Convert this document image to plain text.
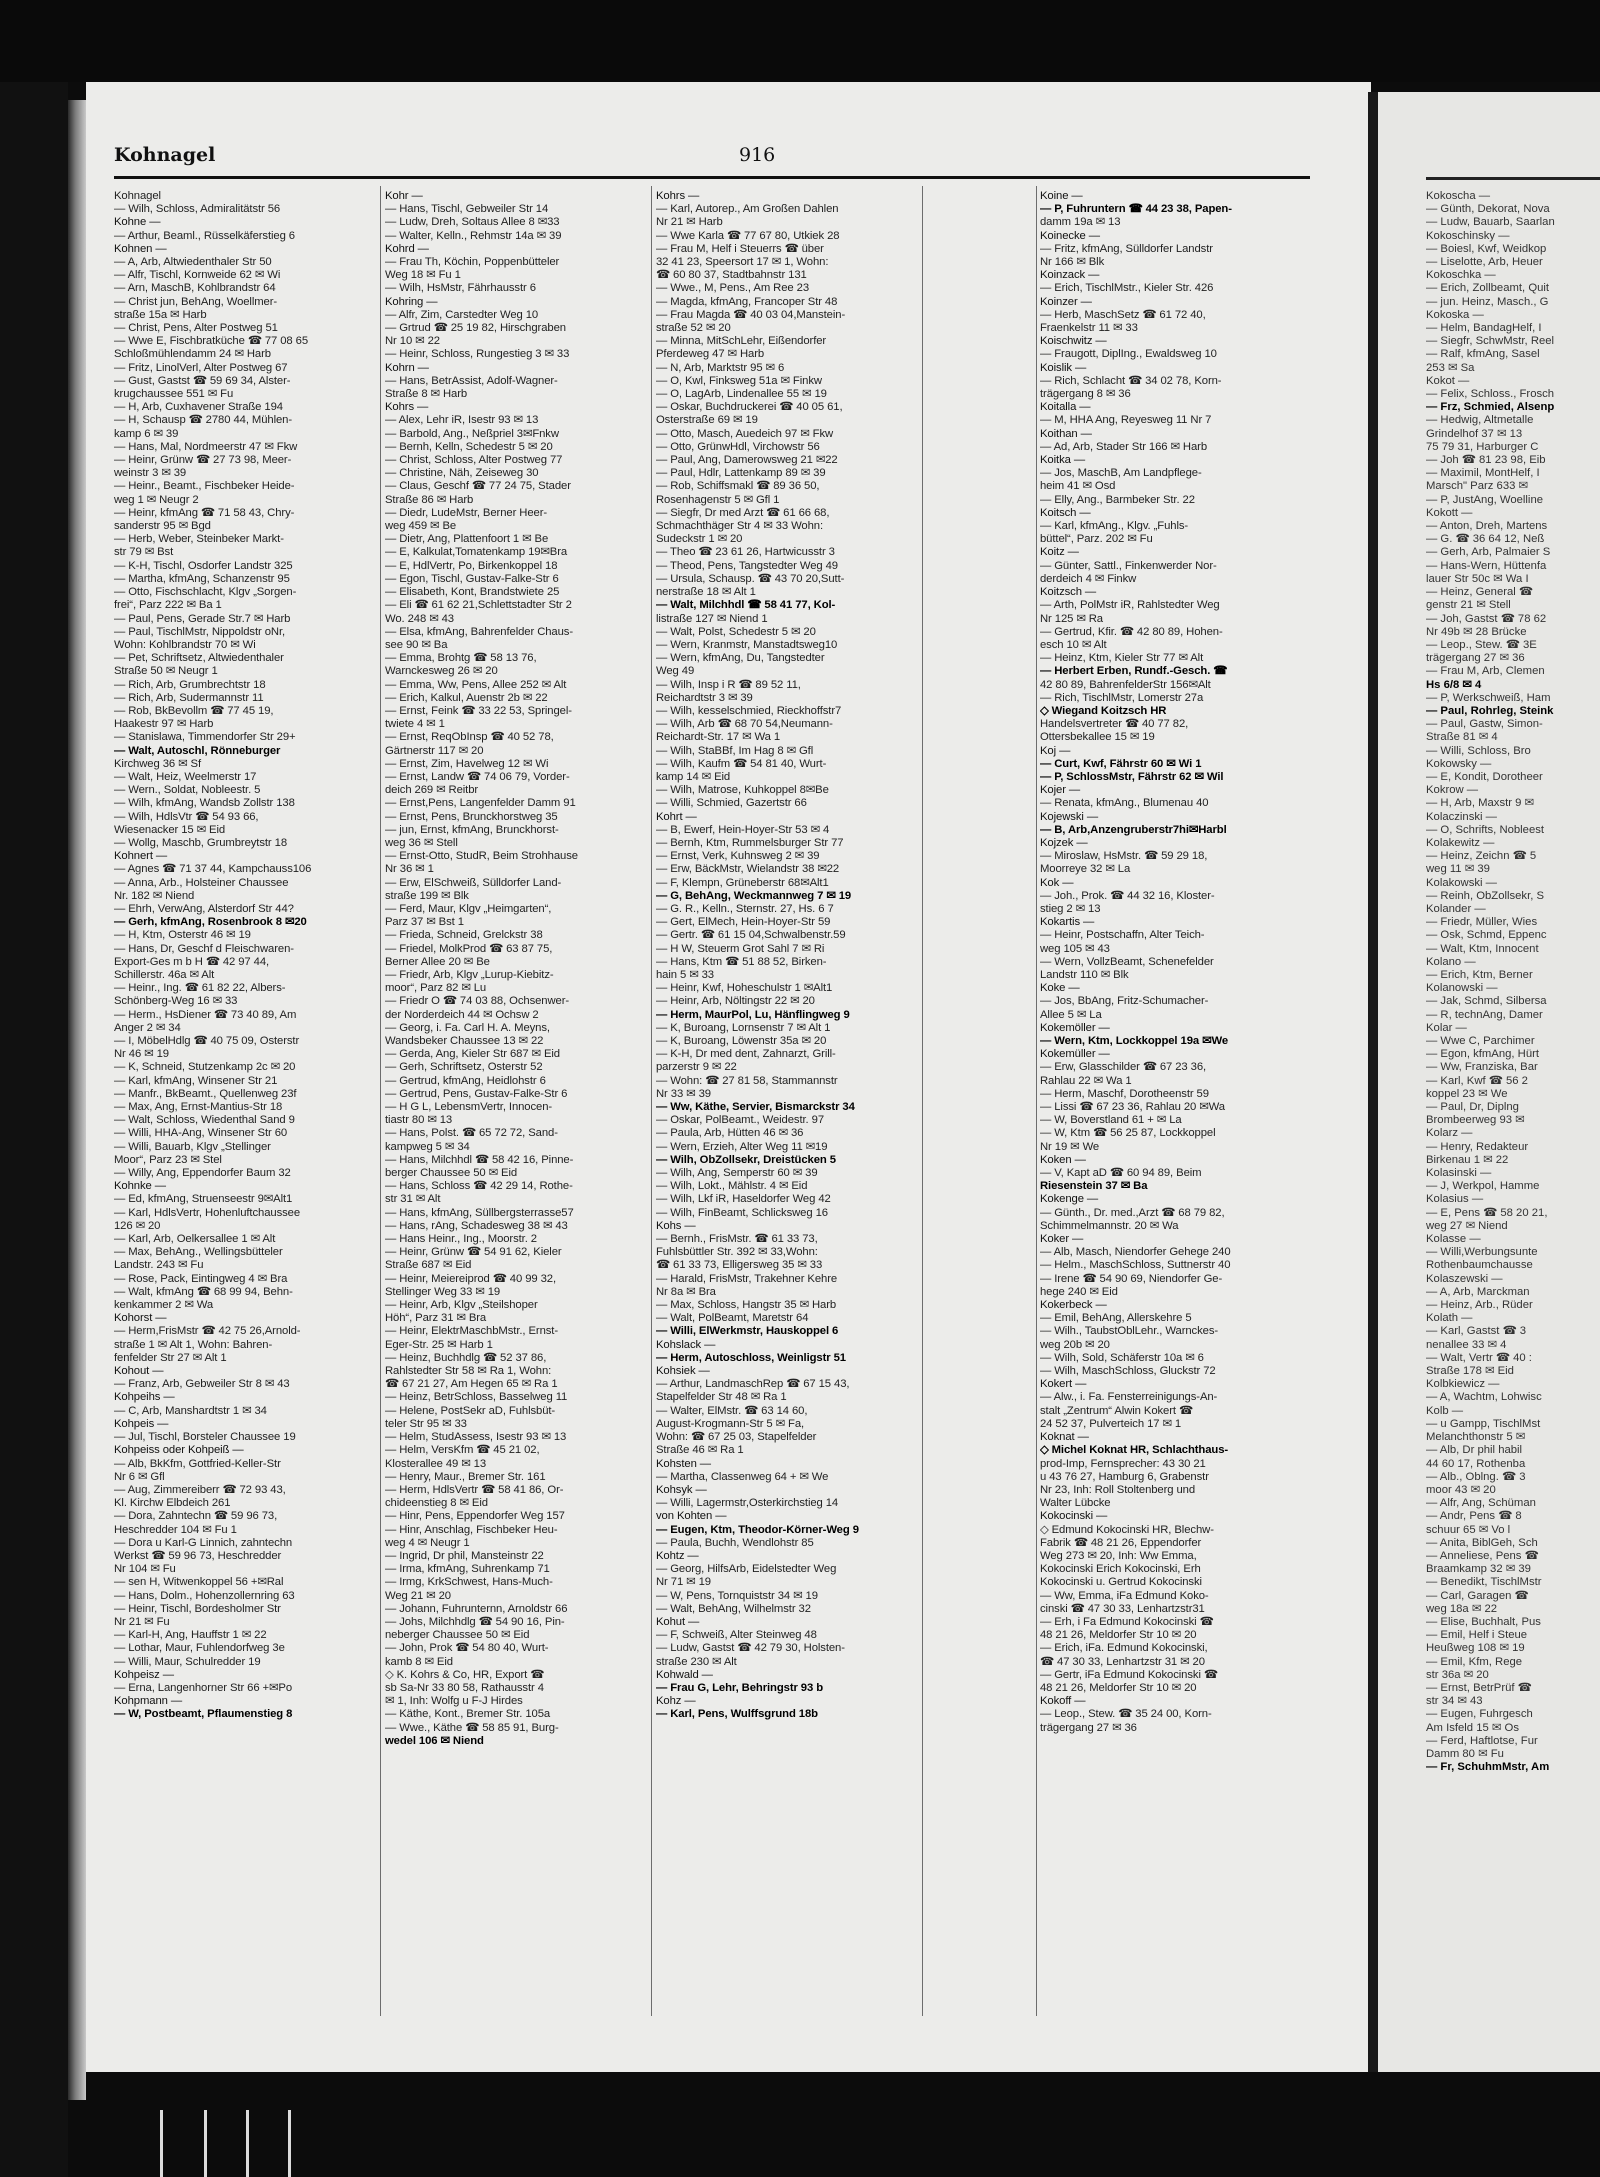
Kohnagel	916
Kohnagel
— Wilh, Schloss, Admiralitätstr 56
Kohne —
— Arthur, Beaml., Rüsselkäferstieg 6
Kohnen —
— A, Arb, Altwiedenthaler Str 50
— Alfr, Tischl, Kornweide 62 ✉ Wi
— Arn, MaschB, Kohlbrandstr 64
— Christ jun, BehAng, Woellmer-
straße 15a ✉ Harb
— Christ, Pens, Alter Postweg 51
— Wwe E, Fischbratküche ☎ 77 08 65
Schloßmühlendamm 24 ✉ Harb
— Fritz, LinolVerl, Alter Postweg 67
— Gust, Gastst ☎ 59 69 34, Alster-
krugchaussee 551 ✉ Fu
— H, Arb, Cuxhavener Straße 194
— H, Schausp ☎ 2780 44, Mühlen-
kamp 6 ✉ 39
— Hans, Mal, Nordmeerstr 47 ✉ Fkw
— Heinr, Grünw ☎ 27 73 98, Meer-
weinstr 3 ✉ 39
— Heinr., Beamt., Fischbeker Heide-
weg 1 ✉ Neugr 2
— Heinr, kfmAng ☎ 71 58 43, Chry-
sanderstr 95 ✉ Bgd
— Herb, Weber, Steinbeker Markt-
str 79 ✉ Bst
— K-H, Tischl, Osdorfer Landstr 325
— Martha, kfmAng, Schanzenstr 95
— Otto, Fischschlacht, Klgv „Sorgen-
frei“, Parz 222 ✉ Ba 1
— Paul, Pens, Gerade Str.7 ✉ Harb
— Paul, TischlMstr, Nippoldstr oNr,
Wohn: Kohlbrandstr 70 ✉ Wi
— Pet, Schriftsetz, Altwiedenthaler
Straße 50 ✉ Neugr 1
— Rich, Arb, Grumbrechtstr 18
— Rich, Arb, Sudermannstr 11
— Rob, BkBevollm ☎ 77 45 19,
Haakestr 97 ✉ Harb
— Stanislawa, Timmendorfer Str 29+
— Walt, Autoschl, Rönneburger
Kirchweg 36 ✉ Sf
— Walt, Heiz, Weelmerstr 17
— Wern., Soldat, Nobleestr. 5
— Wilh, kfmAng, Wandsb Zollstr 138
— Wilh, HdlsVtr ☎ 54 93 66,
Wiesenacker 15 ✉ Eid
— Wollg, Maschb, Grumbreytstr 18
Kohnert —
— Agnes ☎ 71 37 44, Kampchauss106
— Anna, Arb., Holsteiner Chaussee
Nr. 182 ✉ Niend
— Ehrh, VerwAng, Alsterdorf Str 44?
— Gerh, kfmAng, Rosenbrook 8 ✉20
— H, Ktm, Osterstr 46 ✉ 19
— Hans, Dr, Geschf d Fleischwaren-
Export-Ges m b H ☎ 42 97 44,
Schillerstr. 46a ✉ Alt
— Heinr., Ing. ☎ 61 82 22, Albers-
Schönberg-Weg 16 ✉ 33
— Herm., HsDiener ☎ 73 40 89, Am
Anger 2 ✉ 34
— I, MöbelHdlg ☎ 40 75 09, Osterstr
Nr 46 ✉ 19
— K, Schneid, Stutzenkamp 2c ✉ 20
— Karl, kfmAng, Winsener Str 21
— Manfr., BkBeamt., Quellenweg 23f
— Max, Ang, Ernst-Mantius-Str 18
— Walt, Schloss, Wiedenthal Sand 9
— Willi, HHA-Ang, Winsener Str 60
— Willi, Bauarb, Klgv „Stellinger
Moor“, Parz 23 ✉ Stel
— Willy, Ang, Eppendorfer Baum 32
Kohnke —
— Ed, kfmAng, Struenseestr 9✉Alt1
— Karl, HdlsVertr, Hohenluftchaussee
126 ✉ 20
— Karl, Arb, Oelkersallee 1 ✉ Alt
— Max, BehAng., Wellingsbütteler
Landstr. 243 ✉ Fu
— Rose, Pack, Eintingweg 4 ✉ Bra
— Walt, kfmAng ☎ 68 99 94, Behn-
kenkammer 2 ✉ Wa
Kohorst —
— Herm,FrisMstr ☎ 42 75 26,Arnold-
straße 1 ✉ Alt 1, Wohn: Bahren-
fenfelder Str 27 ✉ Alt 1
Kohout —
— Franz, Arb, Gebweiler Str 8 ✉ 43
Kohpeihs —
— C, Arb, Manshardtstr 1 ✉ 34
Kohpeis —
— Jul, Tischl, Borsteler Chaussee 19
Kohpeiss oder Kohpeiß —
— Alb, BkKfm, Gottfried-Keller-Str
Nr 6 ✉ Gfl
— Aug, Zimmereiberr ☎ 72 93 43,
Kl. Kirchw Elbdeich 261
— Dora, Zahntechn ☎ 59 96 73,
Heschredder 104 ✉ Fu 1
— Dora u Karl-G Linnich, zahntechn
Werkst ☎ 59 96 73, Heschredder
Nr 104 ✉ Fu
— sen H, Witwenkoppel 56 +✉Ral
— Hans, Dolm., Hohenzollernring 63
— Heinr, Tischl, Bordesholmer Str
Nr 21 ✉ Fu
— Karl-H, Ang, Hauffstr 1 ✉ 22
— Lothar, Maur, Fuhlendorfweg 3e
— Willi, Maur, Schulredder 19
Kohpeisz —
— Erna, Langenhorner Str 66 +✉Po
Kohpmann —
— W, Postbeamt, Pflaumenstieg 8
Kohr —
— Hans, Tischl, Gebweiler Str 14
— Ludw, Dreh, Soltaus Allee 8 ✉33
— Walter, Kelln., Rehmstr 14a ✉ 39
Kohrd —
— Frau Th, Köchin, Poppenbütteler
Weg 18 ✉ Fu 1
— Wilh, HsMstr, Fährhausstr 6
Kohring —
— Alfr, Zim, Carstedter Weg 10
— Grtrud ☎ 25 19 82, Hirschgraben
Nr 10 ✉ 22
— Heinr, Schloss, Rungestieg 3 ✉ 33
Kohrn —
— Hans, BetrAssist, Adolf-Wagner-
Straße 8 ✉ Harb
Kohrs —
— Alex, Lehr iR, Isestr 93 ✉ 13
— Barbold, Ang., Neßpriel 3✉Fnkw
— Bernh, Kelln, Schedestr 5 ✉ 20
— Christ, Schloss, Alter Postweg 77
— Christine, Näh, Zeiseweg 30
— Claus, Geschf ☎ 77 24 75, Stader
Straße 86 ✉ Harb
— Diedr, LudeMstr, Berner Heer-
weg 459 ✉ Be
— Dietr, Ang, Plattenfoort 1 ✉ Be
— E, Kalkulat,Tomatenkamp 19✉Bra
— E, HdlVertr, Po, Birkenkoppel 18
— Egon, Tischl, Gustav-Falke-Str 6
— Elisabeth, Kont, Brandstwiete 25
— Eli ☎ 61 62 21,Schlettstadter Str 2
Wo. 248 ✉ 43
— Elsa, kfmAng, Bahrenfelder Chaus-
see 90 ✉ Ba
— Emma, Brohtg ☎ 58 13 76,
Warnckesweg 26 ✉ 20
— Emma, Ww, Pens, Allee 252 ✉ Alt
— Erich, Kalkul, Auenstr 2b ✉ 22
— Ernst, Feink ☎ 33 22 53, Springel-
twiete 4 ✉ 1
— Ernst, ReqObInsp ☎ 40 52 78,
Gärtnerstr 117 ✉ 20
— Ernst, Zim, Havelweg 12 ✉ Wi
— Ernst, Landw ☎ 74 06 79, Vorder-
deich 269 ✉ Reitbr
— Ernst,Pens, Langenfelder Damm 91
— Ernst, Pens, Brunckhorstweg 35
— jun, Ernst, kfmAng, Brunckhorst-
weg 36 ✉ Stell
— Ernst-Otto, StudR, Beim Strohhause
Nr 36 ✉ 1
— Erw, ElSchweiß, Sülldorfer Land-
straße 199 ✉ Blk
— Ferd, Maur, Klgv „Heimgarten“,
Parz 37 ✉ Bst 1
— Frieda, Schneid, Grelckstr 38
— Friedel, MolkProd ☎ 63 87 75,
Berner Allee 20 ✉ Be
— Friedr, Arb, Klgv „Lurup-Kiebitz-
moor“, Parz 82 ✉ Lu
— Friedr O ☎ 74 03 88, Ochsenwer-
der Norderdeich 44 ✉ Ochsw 2
— Georg, i. Fa. Carl H. A. Meyns,
Wandsbeker Chaussee 13 ✉ 22
— Gerda, Ang, Kieler Str 687 ✉ Eid
— Gerh, Schriftsetz, Osterstr 52
— Gertrud, kfmAng, Heidlohstr 6
— Gertrud, Pens, Gustav-Falke-Str 6
— H G L, LebensmVertr, Innocen-
tiastr 80 ✉ 13
— Hans, Polst. ☎ 65 72 72, Sand-
kampweg 5 ✉ 34
— Hans, Milchhdl ☎ 58 42 16, Pinne-
berger Chaussee 50 ✉ Eid
— Hans, Schloss ☎ 42 29 14, Rothe-
str 31 ✉ Alt
— Hans, kfmAng, Süllbergsterrasse57
— Hans, rAng, Schadesweg 38 ✉ 43
— Hans Heinr., Ing., Moorstr. 2
— Heinr, Grünw ☎ 54 91 62, Kieler
Straße 687 ✉ Eid
— Heinr, Meiereiprod ☎ 40 99 32,
Stellinger Weg 33 ✉ 19
— Heinr, Arb, Klgv „Steilshoper
Höh“, Parz 31 ✉ Bra
— Heinr, ElektrMaschbMstr., Ernst-
Eger-Str. 25 ✉ Harb 1
— Heinz, Buchhdlg ☎ 52 37 86,
Rahlstedter Str 58 ✉ Ra 1, Wohn:
☎ 67 21 27, Am Hegen 65 ✉ Ra 1
— Heinz, BetrSchloss, Basselweg 11
— Helene, PostSekr aD, Fuhlsbüt-
teler Str 95 ✉ 33
— Helm, StudAssess, Isestr 93 ✉ 13
— Helm, VersKfm ☎ 45 21 02,
Klosterallee 49 ✉ 13
— Henry, Maur., Bremer Str. 161
— Herm, HdlsVertr ☎ 58 41 86, Or-
chideenstieg 8 ✉ Eid
— Hinr, Pens, Eppendorfer Weg 157
— Hinr, Anschlag, Fischbeker Heu-
weg 4 ✉ Neugr 1
— Ingrid, Dr phil, Mansteinstr 22
— Irma, kfmAng, Suhrenkamp 71
— Irmg, KrkSchwest, Hans-Much-
Weg 21 ✉ 20
— Johann, Fuhrunternn, Arnoldstr 66
— Johs, Milchhdlg ☎ 54 90 16, Pin-
neberger Chaussee 50 ✉ Eid
— John, Prok ☎ 54 80 40, Wurt-
kamb 8 ✉ Eid
◇ K. Kohrs & Co, HR, Export ☎
sb Sa-Nr 33 80 58, Rathausstr 4
✉ 1, Inh: Wolfg u F-J Hirdes
— Käthe, Kont., Bremer Str. 105a
— Wwe., Käthe ☎ 58 85 91, Burg-
wedel 106 ✉ Niend
Kohrs —
— Karl, Autorep., Am Großen Dahlen
Nr 21 ✉ Harb
— Wwe Karla ☎ 77 67 80, Utkiek 28
— Frau M, Helf i Steuerrs ☎ über
32 41 23, Speersort 17 ✉ 1, Wohn:
☎ 60 80 37, Stadtbahnstr 131
— Wwe., M, Pens., Am Ree 23
— Magda, kfmAng, Francoper Str 48
— Frau Magda ☎ 40 03 04,Manstein-
straße 52 ✉ 20
— Minna, MitSchLehr, Eißendorfer
Pferdeweg 47 ✉ Harb
— N, Arb, Marktstr 95 ✉ 6
— O, Kwl, Finksweg 51a ✉ Finkw
— O, LagArb, Lindenallee 55 ✉ 19
— Oskar, Buchdruckerei ☎ 40 05 61,
Osterstraße 69 ✉ 19
— Otto, Masch, Auedeich 97 ✉ Fkw
— Otto, GrünwHdl, Virchowstr 56
— Paul, Ang, Damerowsweg 21 ✉22
— Paul, Hdlr, Lattenkamp 89 ✉ 39
— Rob, Schiffsmakl ☎ 89 36 50,
Rosenhagenstr 5 ✉ Gfl 1
— Siegfr, Dr med Arzt ☎ 61 66 68,
Schmachthäger Str 4 ✉ 33 Wohn:
Sudeckstr 1 ✉ 20
— Theo ☎ 23 61 26, Hartwicusstr 3
— Theod, Pens, Tangstedter Weg 49
— Ursula, Schausp. ☎ 43 70 20,Sutt-
nerstraße 18 ✉ Alt 1
— Walt, Milchhdl ☎ 58 41 77, Kol-
listraße 127 ✉ Niend 1
— Walt, Polst, Schedestr 5 ✉ 20
— Wern, Kranmstr, Manstadtsweg10
— Wern, kfmAng, Du, Tangstedter
Weg 49
— Wilh, Insp i R ☎ 89 52 11,
Reichardtstr 3 ✉ 39
— Wilh, kesselschmied, Rieckhoffstr7
— Wilh, Arb ☎ 68 70 54,Neumann-
Reichardt-Str. 17 ✉ Wa 1
— Wilh, StaBBf, Im Hag 8 ✉ Gfl
— Wilh, Kaufm ☎ 54 81 40, Wurt-
kamp 14 ✉ Eid
— Wilh, Matrose, Kuhkoppel 8✉Be
— Willi, Schmied, Gazertstr 66
Kohrt —
— B, Ewerf, Hein-Hoyer-Str 53 ✉ 4
— Bernh, Ktm, Rummelsburger Str 77
— Ernst, Verk, Kuhnsweg 2 ✉ 39
— Erw, BäckMstr, Wielandstr 38 ✉22
— F, Klempn, Grüneberstr 68✉Alt1
— G, BehAng, Weckmannweg 7 ✉ 19
— G. R., Kelln., Sternstr. 27, Hs. 6 7
— Gert, ElMech, Hein-Hoyer-Str 59
— Gertr. ☎ 61 15 04,Schwalbenstr.59
— H W, Steuerm Grot Sahl 7 ✉ Ri
— Hans, Ktm ☎ 51 88 52, Birken-
hain 5 ✉ 33
— Heinr, Kwf, Hoheschulstr 1 ✉Alt1
— Heinr, Arb, Nöltingstr 22 ✉ 20
— Herm, MaurPol, Lu, Hänflingweg 9
— K, Buroang, Lornsenstr 7 ✉ Alt 1
— K, Buroang, Löwenstr 35a ✉ 20
— K-H, Dr med dent, Zahnarzt, Grill-
parzerstr 9 ✉ 22
— Wohn: ☎ 27 81 58, Stammannstr
Nr 33 ✉ 39
— Ww, Käthe, Servier, Bismarckstr 34
— Oskar, PolBeamt., Weidestr. 97
— Paula, Arb, Hütten 46 ✉ 36
— Wern, Erzieh, Alter Weg 11 ✉19
— Wilh, ObZollsekr, Dreistücken 5
— Wilh, Ang, Semperstr 60 ✉ 39
— Wilh, Lokt., Mählstr. 4 ✉ Eid
— Wilh, Lkf iR, Haseldorfer Weg 42
— Wilh, FinBeamt, Schlicksweg 16
Kohs —
— Bernh., FrisMstr. ☎ 61 33 73,
Fuhlsbüttler Str. 392 ✉ 33,Wohn:
☎ 61 33 73, Elligersweg 35 ✉ 33
— Harald, FrisMstr, Trakehner Kehre
Nr 8a ✉ Bra
— Max, Schloss, Hangstr 35 ✉ Harb
— Walt, PolBeamt, Maretstr 64
— Willi, ElWerkmstr, Hauskoppel 6
Kohslack —
— Herm, Autoschloss, Weinligstr 51
Kohsiek —
— Arthur, LandmaschRep ☎ 67 15 43,
Stapelfelder Str 48 ✉ Ra 1
— Walter, ElMstr. ☎ 63 14 60,
August-Krogmann-Str 5 ✉ Fa,
Wohn: ☎ 67 25 03, Stapelfelder
Straße 46 ✉ Ra 1
Kohsten —
— Martha, Classenweg 64 + ✉ We
Kohsyk —
— Willi, Lagermstr,Osterkirchstieg 14
von Kohten —
— Eugen, Ktm, Theodor-Körner-Weg 9
— Paula, Buchh, Wendlohstr 85
Kohtz —
— Georg, HilfsArb, Eidelstedter Weg
Nr 71 ✉ 19
— W, Pens, Tornquiststr 34 ✉ 19
— Walt, BehAng, Wilhelmstr 32
Kohut —
— F, Schweiß, Alter Steinweg 48
— Ludw, Gastst ☎ 42 79 30, Holsten-
straße 230 ✉ Alt
Kohwald —
— Frau G, Lehr, Behringstr 93 b
Kohz —
— Karl, Pens, Wulffsgrund 18b
Koine —
— P, Fuhruntern ☎ 44 23 38, Papen-
damm 19a ✉ 13
Koinecke —
— Fritz, kfmAng, Sülldorfer Landstr
Nr 166 ✉ Blk
Koinzack —
— Erich, TischlMstr., Kieler Str. 426
Koinzer —
— Herb, MaschSetz ☎ 61 72 40,
Fraenkelstr 11 ✉ 33
Koischwitz —
— Fraugott, DiplIng., Ewaldsweg 10
Koislik —
— Rich, Schlacht ☎ 34 02 78, Korn-
trägergang 8 ✉ 36
Koitalla —
— M, HHA Ang, Reyesweg 11 Nr 7
Koithan —
— Ad, Arb, Stader Str 166 ✉ Harb
Koitka —
— Jos, MaschB, Am Landpflege-
heim 41 ✉ Osd
— Elly, Ang., Barmbeker Str. 22
Koitsch —
— Karl, kfmAng., Klgv. „Fuhls-
büttel“, Parz. 202 ✉ Fu
Koitz —
— Günter, Sattl., Finkenwerder Nor-
derdeich 4 ✉ Finkw
Koitzsch —
— Arth, PolMstr iR, Rahlstedter Weg
Nr 125 ✉ Ra
— Gertrud, Kfir. ☎ 42 80 89, Hohen-
esch 10 ✉ Alt
— Heinz, Ktm, Kieler Str 77 ✉ Alt
— Herbert Erben, Rundf.-Gesch. ☎
42 80 89, BahrenfelderStr 156✉Alt
— Rich, TischlMstr, Lomerstr 27a
◇ Wiegand Koitzsch HR
Handelsvertreter ☎ 40 77 82,
Ottersbekallee 15 ✉ 19
Koj —
— Curt, Kwf, Fährstr 60 ✉ Wi 1
— P, SchlossMstr, Fährstr 62 ✉ Wil
Kojer —
— Renata, kfmAng., Blumenau 40
Kojewski —
— B, Arb,Anzengruberstr7hi✉Harbl
Kojzek —
— Miroslaw, HsMstr. ☎ 59 29 18,
Moorreye 32 ✉ La
Kok —
— Joh., Prok. ☎ 44 32 16, Kloster-
stieg 2 ✉ 13
Kokartis —
— Heinr, Postschaffn, Alter Teich-
weg 105 ✉ 43
— Wern, VollzBeamt, Schenefelder
Landstr 110 ✉ Blk
Koke —
— Jos, BbAng, Fritz-Schumacher-
Allee 5 ✉ La
Kokemöller —
— Wern, Ktm, Lockkoppel 19a ✉We
Kokemüller —
— Erw, Glasschilder ☎ 67 23 36,
Rahlau 22 ✉ Wa 1
— Herm, Maschf, Dorotheenstr 59
— Lissi ☎ 67 23 36, Rahlau 20 ✉Wa
— W, Boverstland 61 + ✉ La
— W, Ktm ☎ 56 25 87, Lockkoppel
Nr 19 ✉ We
Koken —
— V, Kapt aD ☎ 60 94 89, Beim
Riesenstein 37 ✉ Ba
Kokenge —
— Günth., Dr. med.,Arzt ☎ 68 79 82,
Schimmelmannstr. 20 ✉ Wa
Koker —
— Alb, Masch, Niendorfer Gehege 240
— Helm., MaschSchloss, Suttnerstr 40
— Irene ☎ 54 90 69, Niendorfer Ge-
hege 240 ✉ Eid
Kokerbeck —
— Emil, BehAng, Allerskehre 5
— Wilh., TaubstOblLehr., Warnckes-
weg 20b ✉ 20
— Wilh, Sold, Schäferstr 10a ✉ 6
— Wilh, MaschSchloss, Gluckstr 72
Kokert —
— Alw., i. Fa. Fensterreinigungs-An-
stalt „Zentrum“ Alwin Kokert ☎
24 52 37, Pulverteich 17 ✉ 1
Koknat —
◇ Michel Koknat HR, Schlachthaus-
prod-Imp, Fernsprecher: 43 30 21
u 43 76 27, Hamburg 6, Grabenstr
Nr 23, Inh: Roll Stoltenberg und
Walter Lübcke
Kokocinski —
◇ Edmund Kokocinski HR, Blechw-
Fabrik ☎ 48 21 26, Eppendorfer
Weg 273 ✉ 20, Inh: Ww Emma,
Kokocinski Erich Kokocinski, Erh
Kokocinski u. Gertrud Kokocinski
— Ww, Emma, iFa Edmund Koko-
cinski ☎ 47 30 33, Lenhartzstr31
— Erh, i Fa Edmund Kokocinski ☎
48 21 26, Meldorfer Str 10 ✉ 20
— Erich, iFa. Edmund Kokocinski,
☎ 47 30 33, Lenhartzstr 31 ✉ 20
— Gertr, iFa Edmund Kokocinski ☎
48 21 26, Meldorfer Str 10 ✉ 20
Kokoff —
— Leop., Stew. ☎ 35 24 00, Korn-
trägergang 27 ✉ 36
Kokoscha —
— Günth, Dekorat, Nova
— Ludw, Bauarb, Saarlan
Kokoschinsky —
— Boiesl, Kwf, Weidkop
— Liselotte, Arb, Heuer
Kokoschka —
— Erich, Zollbeamt, Quit
— jun. Heinz, Masch., G
Kokoska —
— Helm, BandagHelf, I
— Siegfr, SchwMstr, Reel
— Ralf, kfmAng, Sasel
253 ✉ Sa
Kokot —
— Felix, Schloss., Frosch
— Frz, Schmied, Alsenp
— Hedwig, Altmetalle
Grindelhof 37 ✉ 13
75 79 31, Harburger C
— Joh ☎ 81 23 98, Eib
— Maximil, MontHelf, I
Marsch" Parz 633 ✉
— P, JustAng, Woelline
Kokott —
— Anton, Dreh, Martens
— G. ☎ 36 64 12, Neß
— Gerh, Arb, Palmaier S
— Hans-Wern, Hüttenfa
lauer Str 50c ✉ Wa I
— Heinz, General ☎
genstr 21 ✉ Stell
— Joh, Gastst ☎ 78 62
Nr 49b ✉ 28 Brücke
— Leop., Stew. ☎ 3E
trägergang 27 ✉ 36
— Frau M, Arb, Clemen
Hs 6/8 ✉ 4
— P, Werkschweiß, Ham
— Paul, Rohrleg, Steink
— Paul, Gastw, Simon-
Straße 81 ✉ 4
— Willi, Schloss, Bro
Kokowsky —
— E, Kondit, Dorotheer
Kokrow —
— H, Arb, Maxstr 9 ✉
Kolaczinski —
— O, Schrifts, Nobleest
Kolakewitz —
— Heinz, Zeichn ☎ 5
weg 11 ✉ 39
Kolakowski —
— Reinh, ObZollsekr, S
Kolander —
— Friedr, Müller, Wies
— Osk, Schmd, Eppenc
— Walt, Ktm, Innocent
Kolano —
— Erich, Ktm, Berner
Kolanowski —
— Jak, Schmd, Silbersa
— R, technAng, Damer
Kolar —
— Wwe C, Parchimer
— Egon, kfmAng, Hürt
— Ww, Franziska, Bar
— Karl, Kwf ☎ 56 2
koppel 23 ✉ We
— Paul, Dr, Diplng
Brombeerweg 93 ✉
Kolarz —
— Henry, Redakteur
Birkenau 1 ✉ 22
Kolasinski —
— J, Werkpol, Hamme
Kolasius —
— E, Pens ☎ 58 20 21,
weg 27 ✉ Niend
Kolasse —
— Willi,Werbungsunte
Rothenbaumchausse
Kolaszewski —
— A, Arb, Marckman
— Heinz, Arb., Rüder
Kolath —
— Karl, Gastst ☎ 3
nenallee 33 ✉ 4
— Walt, Vertr ☎ 40 :
Straße 178 ✉ Eid
Kolbkiewicz —
— A, Wachtm, Lohwisc
Kolb —
— u Gampp, TischlMst
Melanchthonstr 5 ✉
— Alb, Dr phil habil
44 60 17, Rothenba
— Alb., Oblng. ☎ 3
moor 43 ✉ 20
— Alfr, Ang, Schüman
— Andr, Pens ☎ 8
schuur 65 ✉ Vo l
— Anita, BiblGeh, Sch
— Anneliese, Pens ☎
Braamkamp 32 ✉ 39
— Benedikt, TischlMstr
— Carl, Garagen ☎
weg 18a ✉ 22
— Elise, Buchhalt, Pus
— Emil, Helf i Steue
Heußweg 108 ✉ 19
— Emil, Kfm, Rege
str 36a ✉ 20
— Ernst, BetrPrüf ☎
str 34 ✉ 43
— Eugen, Fuhrgesch
Am Isfeld 15 ✉ Os
— Ferd, Haftlotse, Fur
Damm 80 ✉ Fu
— Fr, SchuhmMstr, Am
